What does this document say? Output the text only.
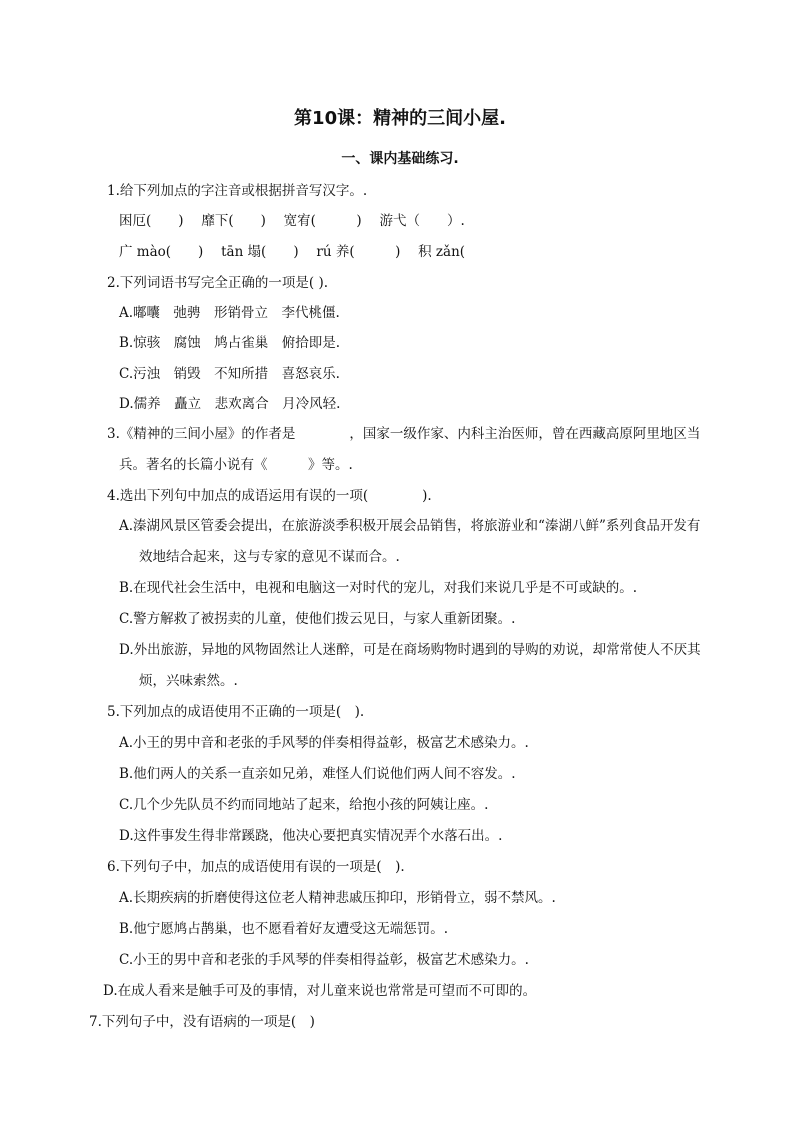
第10课：精神的三间小屋.
一、课内基础练习.
1.给下列加点的字注音或根据拼音写汉字。.
困厄(　　)　 靡下(　　)　 宽宥(　　　)　 游弋（　　）.
广 mào(　　)　 tān 塌(　　)　 rú 养(　　　)　 积 zǎn(
2.下列词语书写完全正确的一项是( ).
A.嘟囔　弛骋　形销骨立　李代桃僵.
B.惊骇　腐蚀　鸠占雀巢　俯拾即是.
C.污浊　销毁　不知所措　喜怒哀乐.
D.儒养　矗立　悲欢离合　月冷风轻.
3.《精神的三间小屋》的作者是　　　　，国家一级作家、内科主治医师，曾在西藏高原阿里地区当
兵。著名的长篇小说有《　　　》等。.
4.选出下列句中加点的成语运用有误的一项(　　　　).
A.溱湖风景区管委会提出，在旅游淡季积极开展会品销售，将旅游业和“溱湖八鲜”系列食品开发有
效地结合起来，这与专家的意见不谋而合。.
B.在现代社会生活中，电视和电脑这一对时代的宠儿，对我们来说几乎是不可或缺的。.
C.警方解救了被拐卖的儿童，使他们拨云见日，与家人重新团聚。.
D.外出旅游，异地的风物固然让人迷醉，可是在商场购物时遇到的导购的劝说，却常常使人不厌其
烦，兴味索然。.
5.下列加点的成语使用不正确的一项是(　).
A.小王的男中音和老张的手风琴的伴奏相得益彰，极富艺术感染力。.
B.他们两人的关系一直亲如兄弟，难怪人们说他们两人间不容发。.
C.几个少先队员不约而同地站了起来，给抱小孩的阿姨让座。.
D.这件事发生得非常蹊跷，他决心要把真实情况弄个水落石出。.
6.下列句子中，加点的成语使用有误的一项是(　).
A.长期疾病的折磨使得这位老人精神悲戚压抑印，形销骨立，弱不禁风。.
B.他宁愿鸠占鹊巢，也不愿看着好友遭受这无端惩罚。.
C.小王的男中音和老张的手风琴的伴奏相得益彰，极富艺术感染力。.
D.在成人看来是触手可及的事情，对儿童来说也常常是可望而不可即的。
7.下列句子中，没有语病的一项是(　)
